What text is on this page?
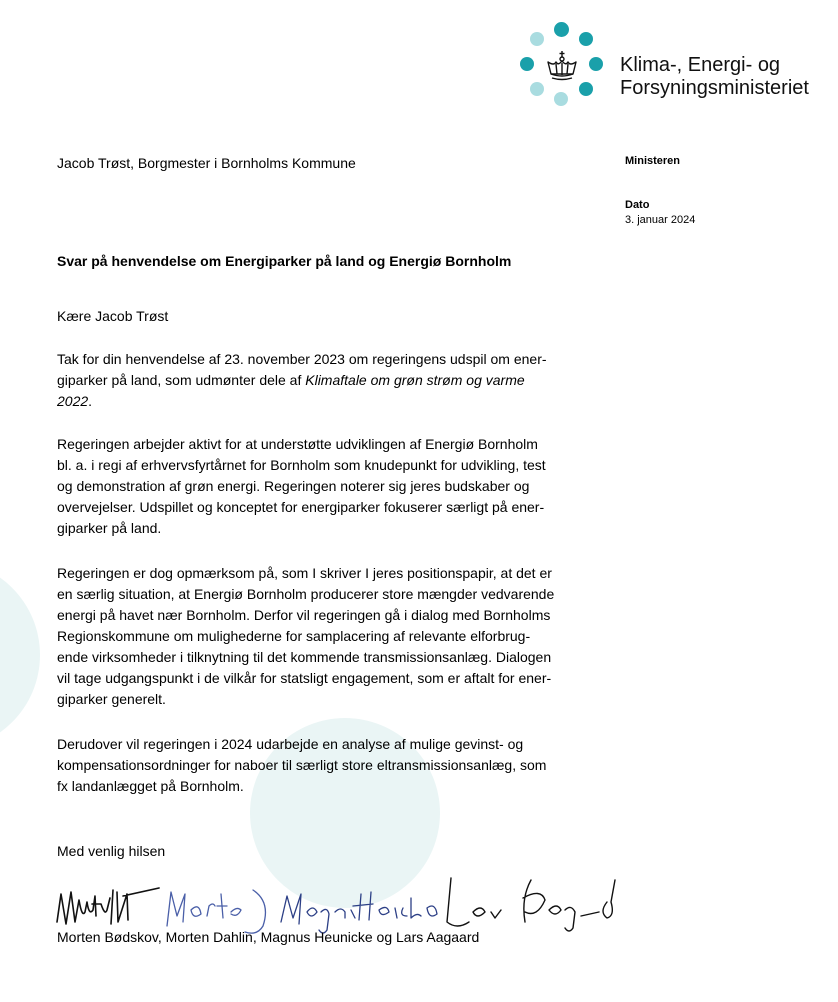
Klima-, Energi- og
Forsyningsministeriet
Jacob Trøst, Borgmester i Bornholms Kommune	Ministeren
Dato
3. januar 2024
Svar på henvendelse om Energiparker på land og Energiø Bornholm
Kære Jacob Trøst

Tak for din henvendelse af 23. november 2023 om regeringens udspil om ener-
giparker på land, som udmønter dele af Klimaftale om grøn strøm og varme
2022.

Regeringen arbejder aktivt for at understøtte udviklingen af Energiø Bornholm
bl. a. i regi af erhvervsfyrtårnet for Bornholm som knudepunkt for udvikling, test
og demonstration af grøn energi. Regeringen noterer sig jeres budskaber og
overvejelser. Udspillet og konceptet for energiparker fokuserer særligt på ener-
giparker på land.

Regeringen er dog opmærksom på, som I skriver I jeres positionspapir, at det er
en særlig situation, at Energiø Bornholm producerer store mængder vedvarende
energi på havet nær Bornholm. Derfor vil regeringen gå i dialog med Bornholms
Regionskommune om mulighederne for samplacering af relevante elforbrug-
ende virksomheder i tilknytning til det kommende transmissionsanlæg. Dialogen
vil tage udgangspunkt i de vilkår for statsligt engagement, som er aftalt for ener-
giparker generelt.

Derudover vil regeringen i 2024 udarbejde en analyse af mulige gevinst- og
kompensationsordninger for naboer til særligt store eltransmissionsanlæg, som
fx landanlægget på Bornholm.

Med venlig hilsen
Morten Bødskov, Morten Dahlin, Magnus Heunicke og Lars Aagaard
